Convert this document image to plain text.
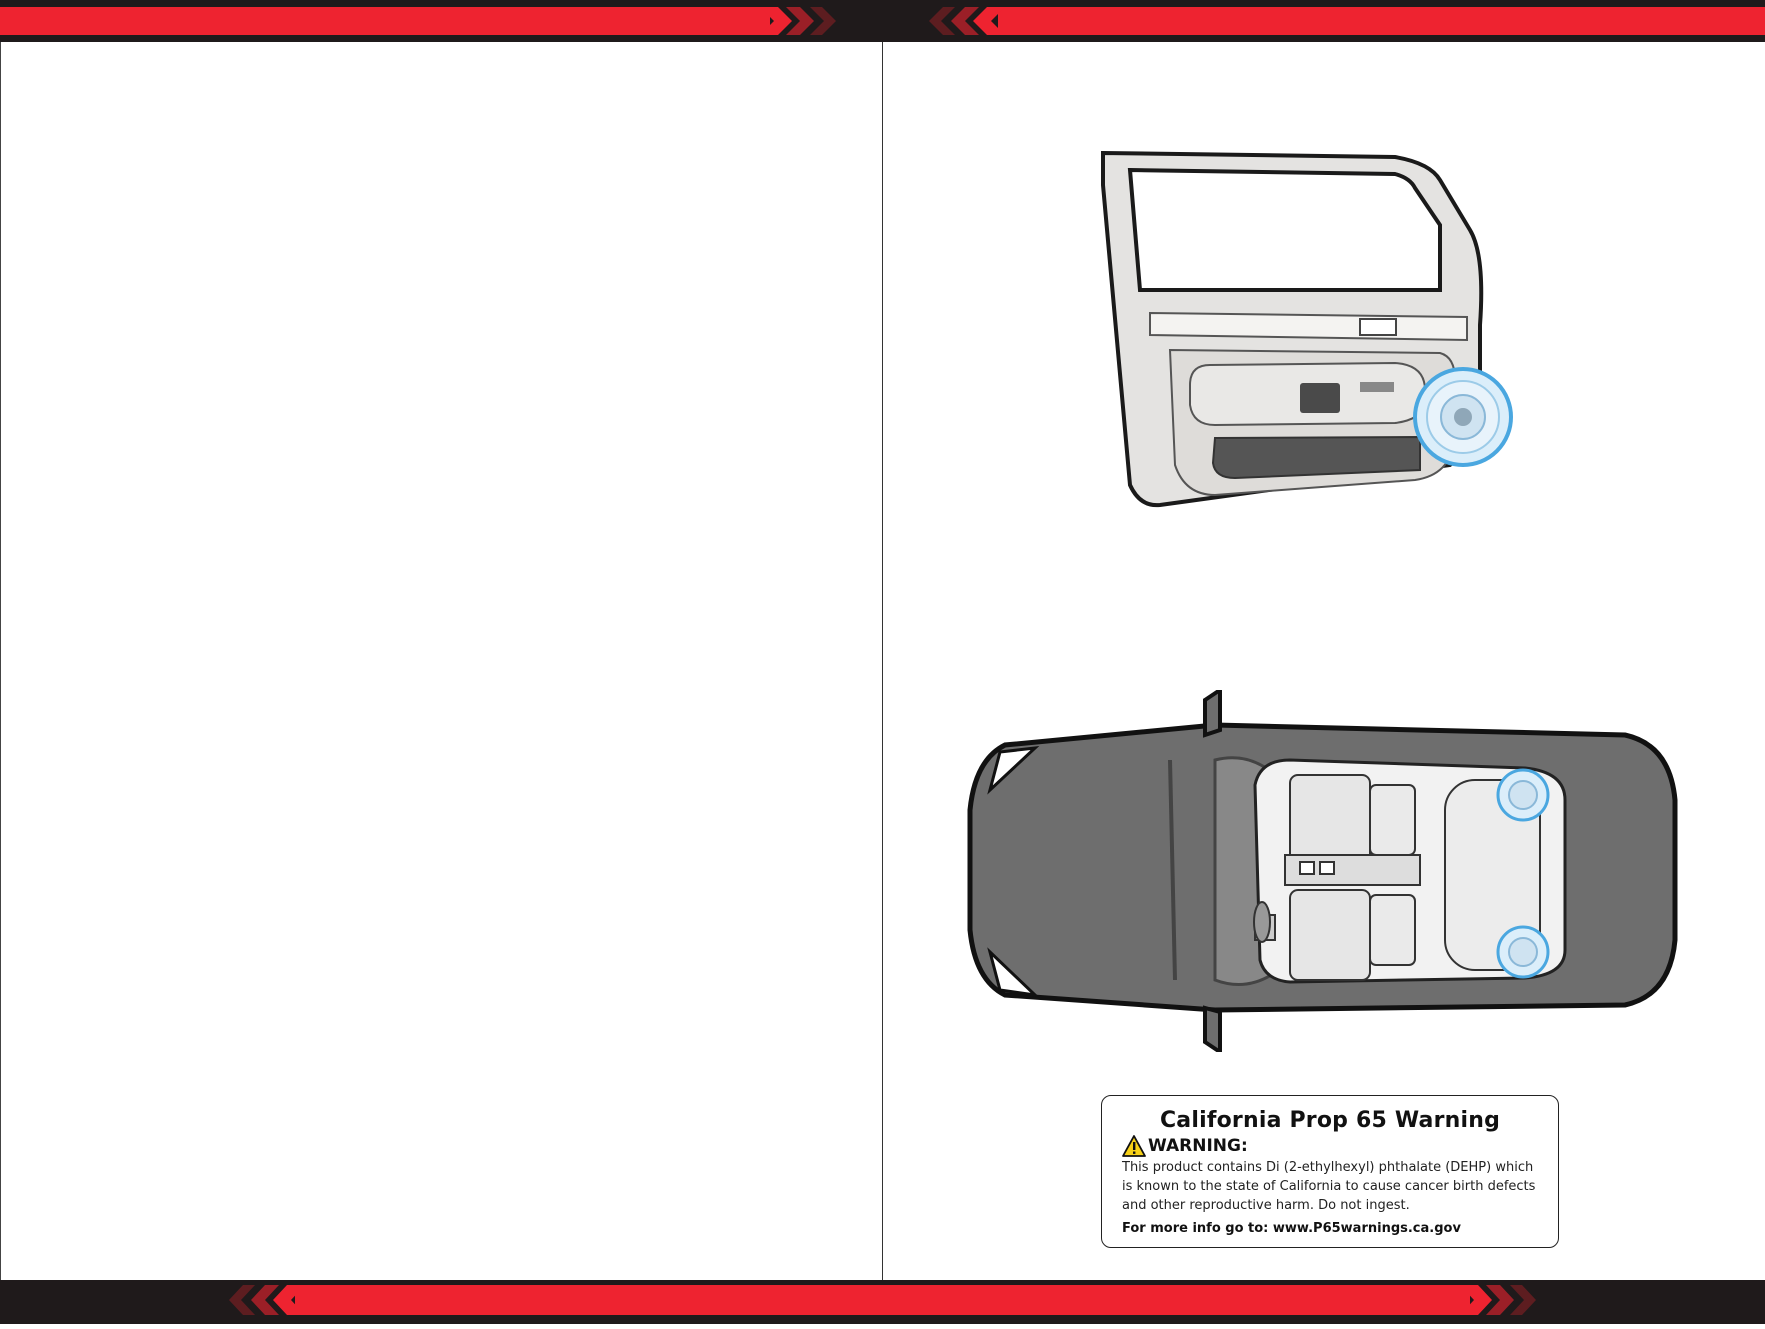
California Prop 65 Warning
WARNING:
This product contains Di (2-ethylhexyl) phthalate (DEHP) which is known to the state of California to cause cancer birth defects and other reproductive harm. Do not ingest.
For more info go to: www.P65warnings.ca.gov
